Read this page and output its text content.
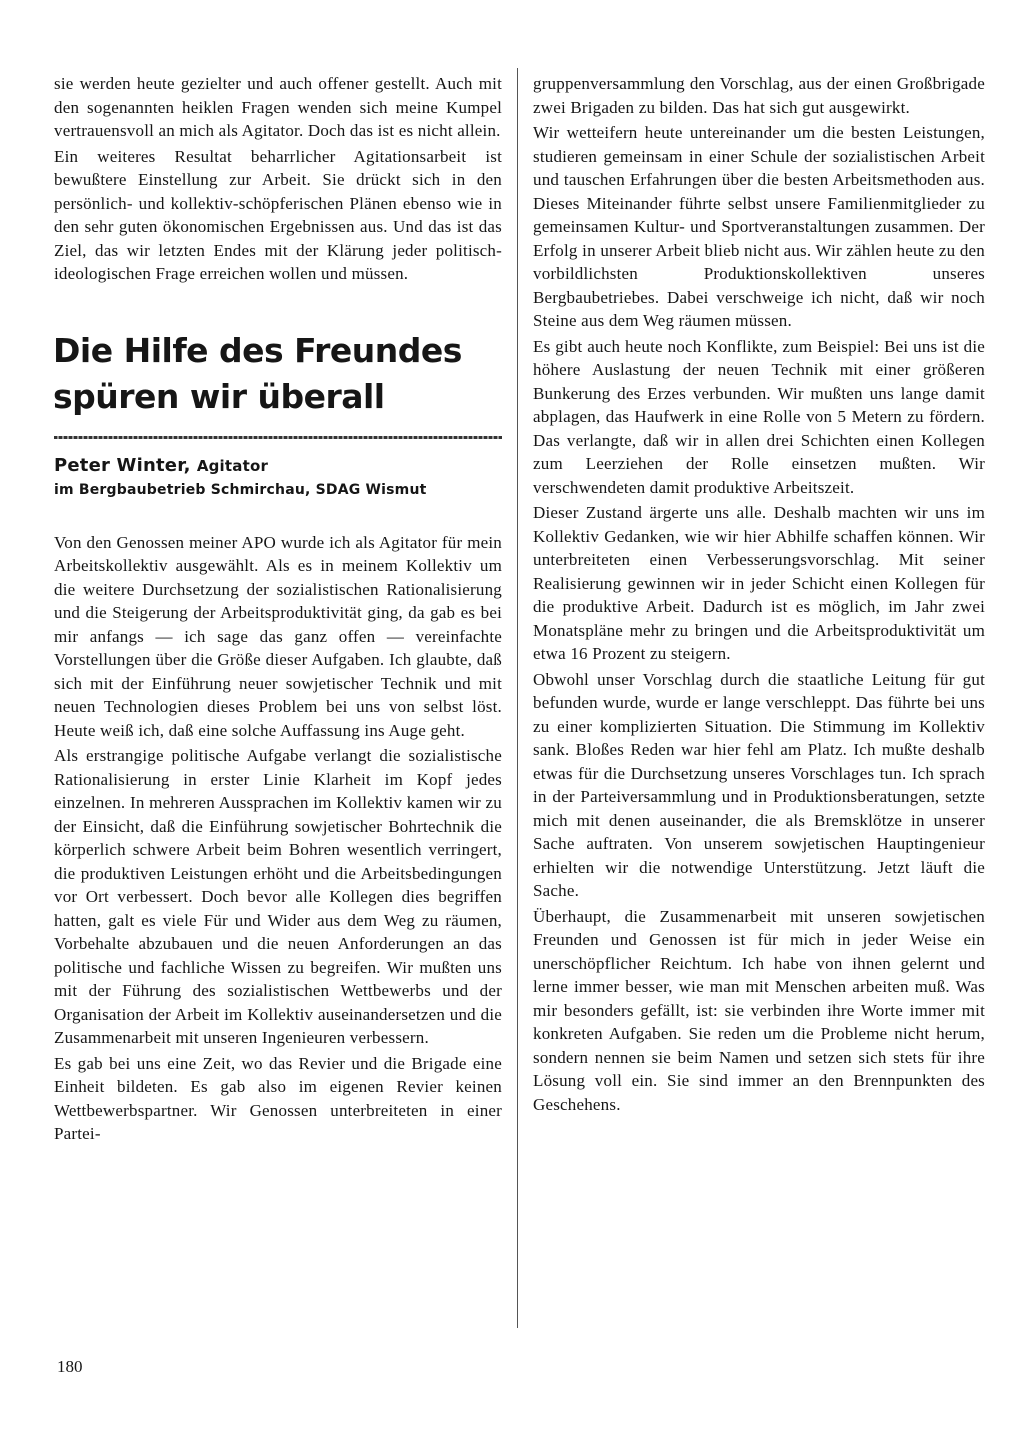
sie werden heute gezielter und auch offener gestellt. Auch mit den sogenannten heiklen Fragen wenden sich meine Kumpel vertrauensvoll an mich als Agitator. Doch das ist es nicht allein.

Ein weiteres Resultat beharrlicher Agitationsarbeit ist bewußtere Einstellung zur Arbeit. Sie drückt sich in den persönlich- und kollektiv-schöpferischen Plänen ebenso wie in den sehr guten ökonomischen Ergebnissen aus. Und das ist das Ziel, das wir letzten Endes mit der Klärung jeder politisch-ideologischen Frage erreichen wollen und müssen.

Die Hilfe des Freundes
spüren wir überall
Peter Winter, Agitator
im Bergbaubetrieb Schmirchau, SDAG Wismut

Von den Genossen meiner APO wurde ich als Agitator für mein Arbeitskollektiv ausgewählt. Als es in meinem Kollektiv um die weitere Durchsetzung der sozialistischen Rationalisierung und die Steigerung der Arbeitsproduktivität ging, da gab es bei mir anfangs — ich sage das ganz offen — vereinfachte Vorstellungen über die Größe dieser Aufgaben. Ich glaubte, daß sich mit der Einführung neuer sowjetischer Technik und mit neuen Technologien dieses Problem bei uns von selbst löst. Heute weiß ich, daß eine solche Auffassung ins Auge geht.

Als erstrangige politische Aufgabe verlangt die sozialistische Rationalisierung in erster Linie Klarheit im Kopf jedes einzelnen. In mehreren Aussprachen im Kollektiv kamen wir zu der Einsicht, daß die Einführung sowjetischer Bohrtechnik die körperlich schwere Arbeit beim Bohren wesentlich verringert, die produktiven Leistungen erhöht und die Arbeitsbedingungen vor Ort verbessert. Doch bevor alle Kollegen dies begriffen hatten, galt es viele Für und Wider aus dem Weg zu räumen, Vorbehalte abzubauen und die neuen Anforderungen an das politische und fachliche Wissen zu begreifen. Wir mußten uns mit der Führung des sozialistischen Wettbewerbs und der Organisation der Arbeit im Kollektiv auseinandersetzen und die Zusammenarbeit mit unseren Ingenieuren verbessern.

Es gab bei uns eine Zeit, wo das Revier und die Brigade eine Einheit bildeten. Es gab also im eigenen Revier keinen Wettbewerbspartner. Wir Genossen unterbreiteten in einer Partei-

gruppenversammlung den Vorschlag, aus der einen Großbrigade zwei Brigaden zu bilden. Das hat sich gut ausgewirkt.

Wir wetteifern heute untereinander um die besten Leistungen, studieren gemeinsam in einer Schule der sozialistischen Arbeit und tauschen Erfahrungen über die besten Arbeitsmethoden aus. Dieses Miteinander führte selbst unsere Familienmitglieder zu gemeinsamen Kultur- und Sportveranstaltungen zusammen. Der Erfolg in unserer Arbeit blieb nicht aus. Wir zählen heute zu den vorbildlichsten Produktionskollektiven unseres Bergbaubetriebes. Dabei verschweige ich nicht, daß wir noch Steine aus dem Weg räumen müssen.

Es gibt auch heute noch Konflikte, zum Beispiel: Bei uns ist die höhere Auslastung der neuen Technik mit einer größeren Bunkerung des Erzes verbunden. Wir mußten uns lange damit abplagen, das Haufwerk in eine Rolle von 5 Metern zu fördern. Das verlangte, daß wir in allen drei Schichten einen Kollegen zum Leerziehen der Rolle einsetzen mußten. Wir verschwendeten damit produktive Arbeitszeit.

Dieser Zustand ärgerte uns alle. Deshalb machten wir uns im Kollektiv Gedanken, wie wir hier Abhilfe schaffen können. Wir unterbreiteten einen Verbesserungsvorschlag. Mit seiner Realisierung gewinnen wir in jeder Schicht einen Kollegen für die produktive Arbeit. Dadurch ist es möglich, im Jahr zwei Monatspläne mehr zu bringen und die Arbeitsproduktivität um etwa 16 Prozent zu steigern.

Obwohl unser Vorschlag durch die staatliche Leitung für gut befunden wurde, wurde er lange verschleppt. Das führte bei uns zu einer komplizierten Situation. Die Stimmung im Kollektiv sank. Bloßes Reden war hier fehl am Platz. Ich mußte deshalb etwas für die Durchsetzung unseres Vorschlages tun. Ich sprach in der Parteiversammlung und in Produktionsberatungen, setzte mich mit denen auseinander, die als Bremsklötze in unserer Sache auftraten. Von unserem sowjetischen Hauptingenieur erhielten wir die notwendige Unterstützung. Jetzt läuft die Sache.

Überhaupt, die Zusammenarbeit mit unseren sowjetischen Freunden und Genossen ist für mich in jeder Weise ein unerschöpflicher Reichtum. Ich habe von ihnen gelernt und lerne immer besser, wie man mit Menschen arbeiten muß. Was mir besonders gefällt, ist: sie verbinden ihre Worte immer mit konkreten Aufgaben. Sie reden um die Probleme nicht herum, sondern nennen sie beim Namen und setzen sich stets für ihre Lösung voll ein. Sie sind immer an den Brennpunkten des Geschehens.

180
